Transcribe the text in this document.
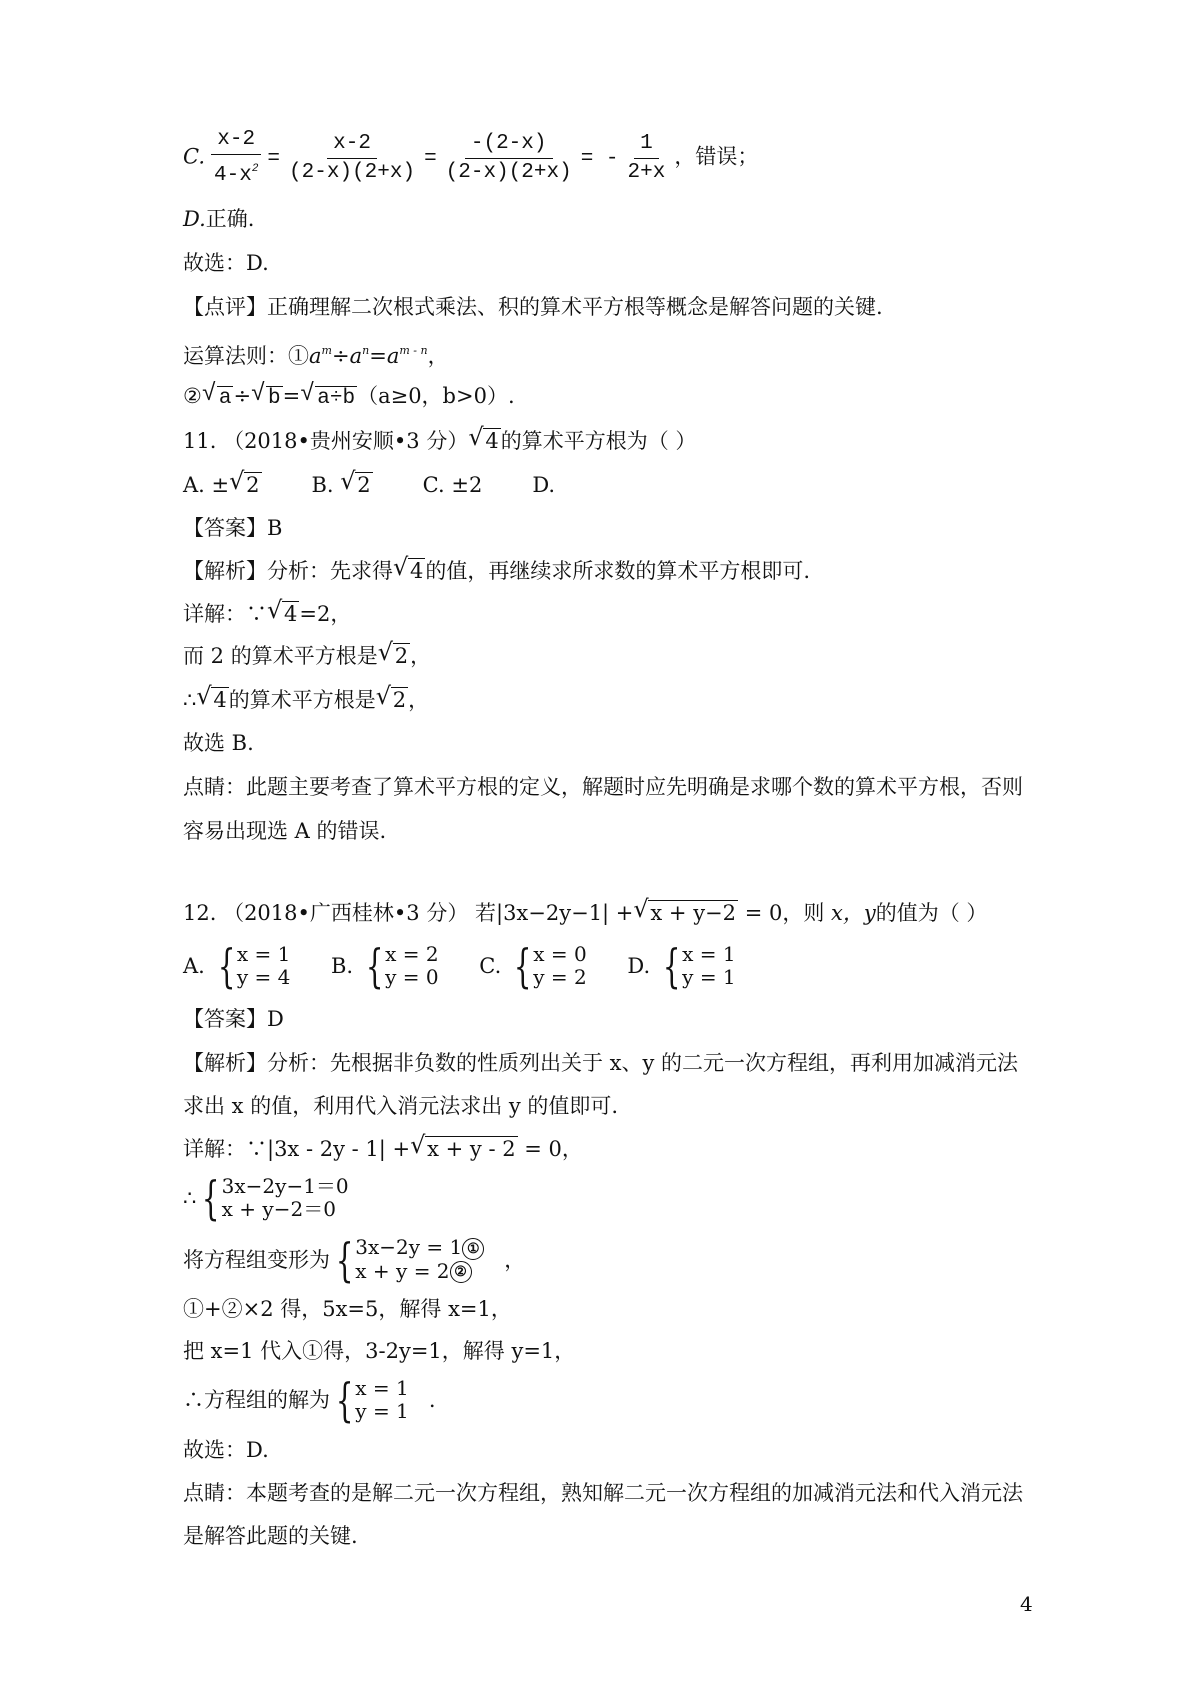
C. $\frac{x-2}{4-x^2} = \frac{x-2}{(2-x)(2+x)} = \frac{-(2-x)}{(2-x)(2+x)}$ = - $\frac{1}{2+x}$ ，错误；
D.正确.
故选：D.
【点评】正确理解二次根式乘法、积的算术平方根等概念是解答问题的关键.
运算法则：$①a^m\div a^n=a^{m - n}$，
② √ a÷ √ b= √ a÷b（a≥0，b>0）.
11. （2018•贵州安顺•3 分） √ 4的算术平方根为（ ）
A. ± √ 2 B. √ 2 C. ±2 D.
【答案】B
【解析】分析：先求得 √ 4的值，再继续求所求数的算术平方根即可.
详解：∵ √ 4=2，
而 2 的算术平方根是 √ 2，
∴ √ 4的算术平方根是 √ 2，
故选 B.
点睛：此题主要考查了算术平方根的定义，解题时应先明确是求哪个数的算术平方根，否则
容易出现选 A 的错误.
12. （2018•广西桂林•3 分） 若|3x−2y−1| + √ x + y−2 = 0，则 x，y的值为（ ）
A.
{ x = 1
y = 4
B.
{ x = 2
y = 0
C.
{ x = 0
y = 2
D.
{ x = 1
y = 1
【答案】D
【解析】分析：先根据非负数的性质列出关于 x、y 的二元一次方程组，再利用加减消元法
求出 x 的值，利用代入消元法求出 y 的值即可.
详解：∵|3x - 2y - 1| + √ x + y - 2 = 0，
∴ { 3x−2y−1＝0
x + y−2＝0
将方程组变形为 { 3x−2y = 1 ①
x + y = 2 ②

，
①+②×2 得，5x=5，解得 x=1，
把 x=1 代入①得，3-2y=1，解得 y=1，
∴方程组的解为 { x = 1
y = 1
.
故选：D.
点睛：本题考查的是解二元一次方程组，熟知解二元一次方程组的加减消元法和代入消元法
是解答此题的关键.
4
